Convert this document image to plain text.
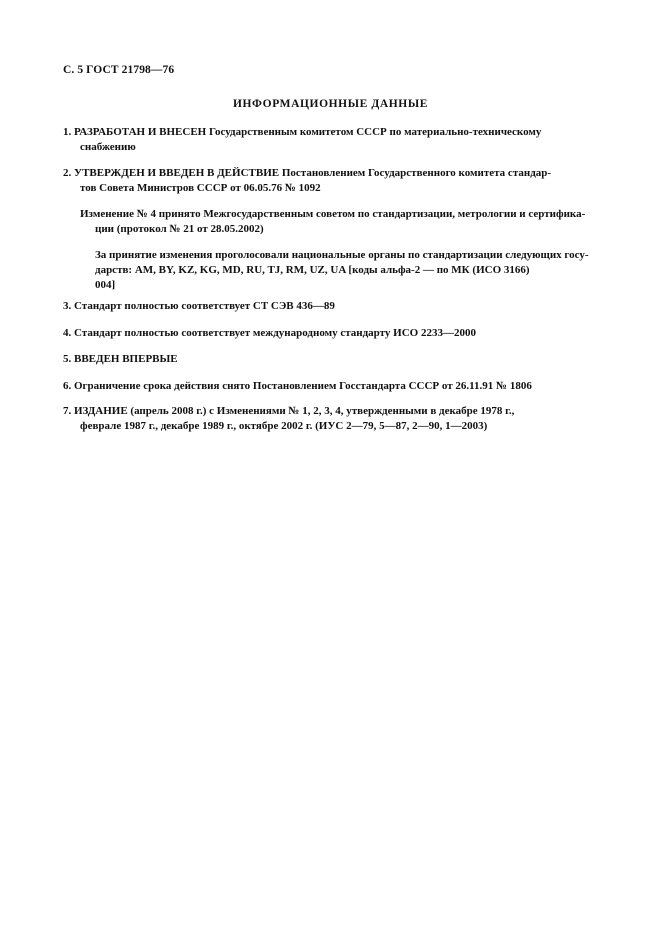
С. 5 ГОСТ 21798—76
ИНФОРМАЦИОННЫЕ ДАННЫЕ
1. РАЗРАБОТАН И ВНЕСЕН Государственным комитетом СССР по материально-техническому
снабжению
2. УТВЕРЖДЕН И ВВЕДЕН В ДЕЙСТВИЕ Постановлением Государственного комитета стандар-
тов Совета Министров СССР от 06.05.76 № 1092
Изменение № 4 принято Межгосударственным советом по стандартизации, метрологии и сертифика-
ции (протокол № 21 от 28.05.2002)
За принятие изменения проголосовали национальные органы по стандартизации следующих госу-
дарств: AM, BY, KZ, KG, MD, RU, TJ, RM, UZ, UA [коды альфа-2 — по МК (ИСО 3166)
004]
3. Стандарт полностью соответствует СТ СЭВ 436—89
4. Стандарт полностью соответствует международному стандарту ИСО 2233—2000
5. ВВЕДЕН ВПЕРВЫЕ
6. Ограничение срока действия снято Постановлением Госстандарта СССР от 26.11.91 № 1806
7. ИЗДАНИЕ (апрель 2008 г.) с Изменениями № 1, 2, 3, 4, утвержденными в декабре 1978 г.,
феврале 1987 г., декабре 1989 г., октябре 2002 г. (ИУС 2—79, 5—87, 2—90, 1—2003)
